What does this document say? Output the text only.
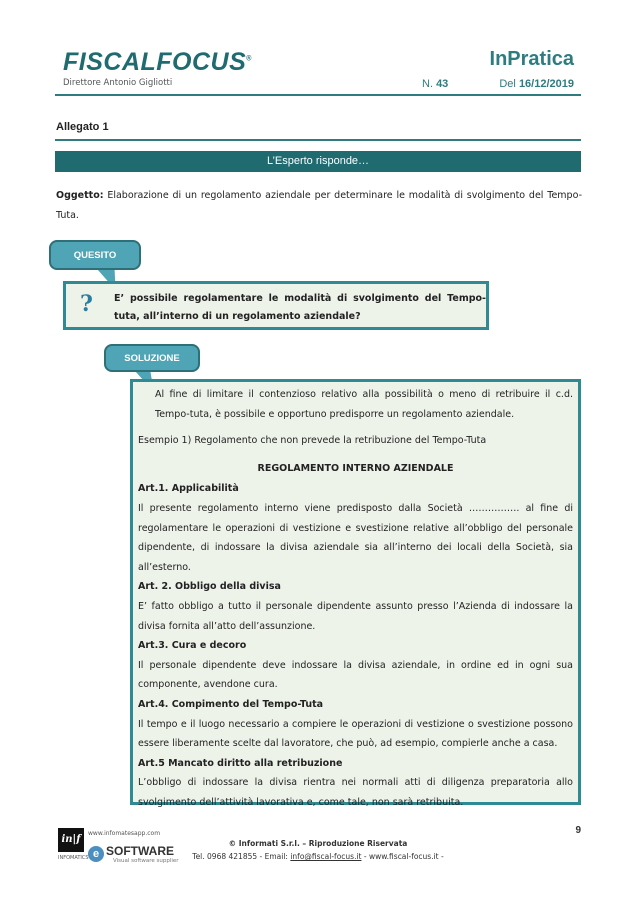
FISCALFOCUS®
Direttore Antonio Gigliotti
InPratica
N. 43	Del 16/12/2019
Allegato 1
L’Esperto risponde…
Oggetto: Elaborazione di un regolamento aziendale per determinare le modalità di svolgimento del Tempo-Tuta.
QUESITO
? E’ possibile regolamentare le modalità di svolgimento del Tempo-tuta, all’interno di un regolamento aziendale?
SOLUZIONE

Al fine di limitare il contenzioso relativo alla possibilità o meno di retribuire il c.d. Tempo-tuta, è possibile e opportuno predisporre un regolamento aziendale.

Esempio 1) Regolamento che non prevede la retribuzione del Tempo-Tuta

REGOLAMENTO INTERNO AZIENDALE

Art.1. Applicabilità

Il presente regolamento interno viene predisposto dalla Società ……………. al fine di regolamentare le operazioni di vestizione e svestizione relative all’obbligo del personale dipendente, di indossare la divisa aziendale sia all’interno dei locali della Società, sia all’esterno.

Art. 2. Obbligo della divisa

E’ fatto obbligo a tutto il personale dipendente assunto presso l’Azienda di indossare la divisa fornita all’atto dell’assunzione.

Art.3. Cura e decoro

Il personale dipendente deve indossare la divisa aziendale, in ordine ed in ogni sua componente, avendone cura.

Art.4. Compimento del Tempo-Tuta

Il tempo e il luogo necessario a compiere le operazioni di vestizione o svestizione possono essere liberamente scelte dal lavoratore, che può, ad esempio, compierle anche a casa.

Art.5 Mancato diritto alla retribuzione

L’obbligo di indossare la divisa rientra nei normali atti di diligenza preparatoria allo svolgimento dell’attività lavorativa e, come tale, non sarà retribuita.

in|f
www.infomatesapp.com
e SOFTWARE
INFOMATICS	Visual software supplier
© Informati S.r.l. – Riproduzione Riservata
Tel. 0968 421855 - Email: info@fiscal-focus.it - www.fiscal-focus.it -
9
